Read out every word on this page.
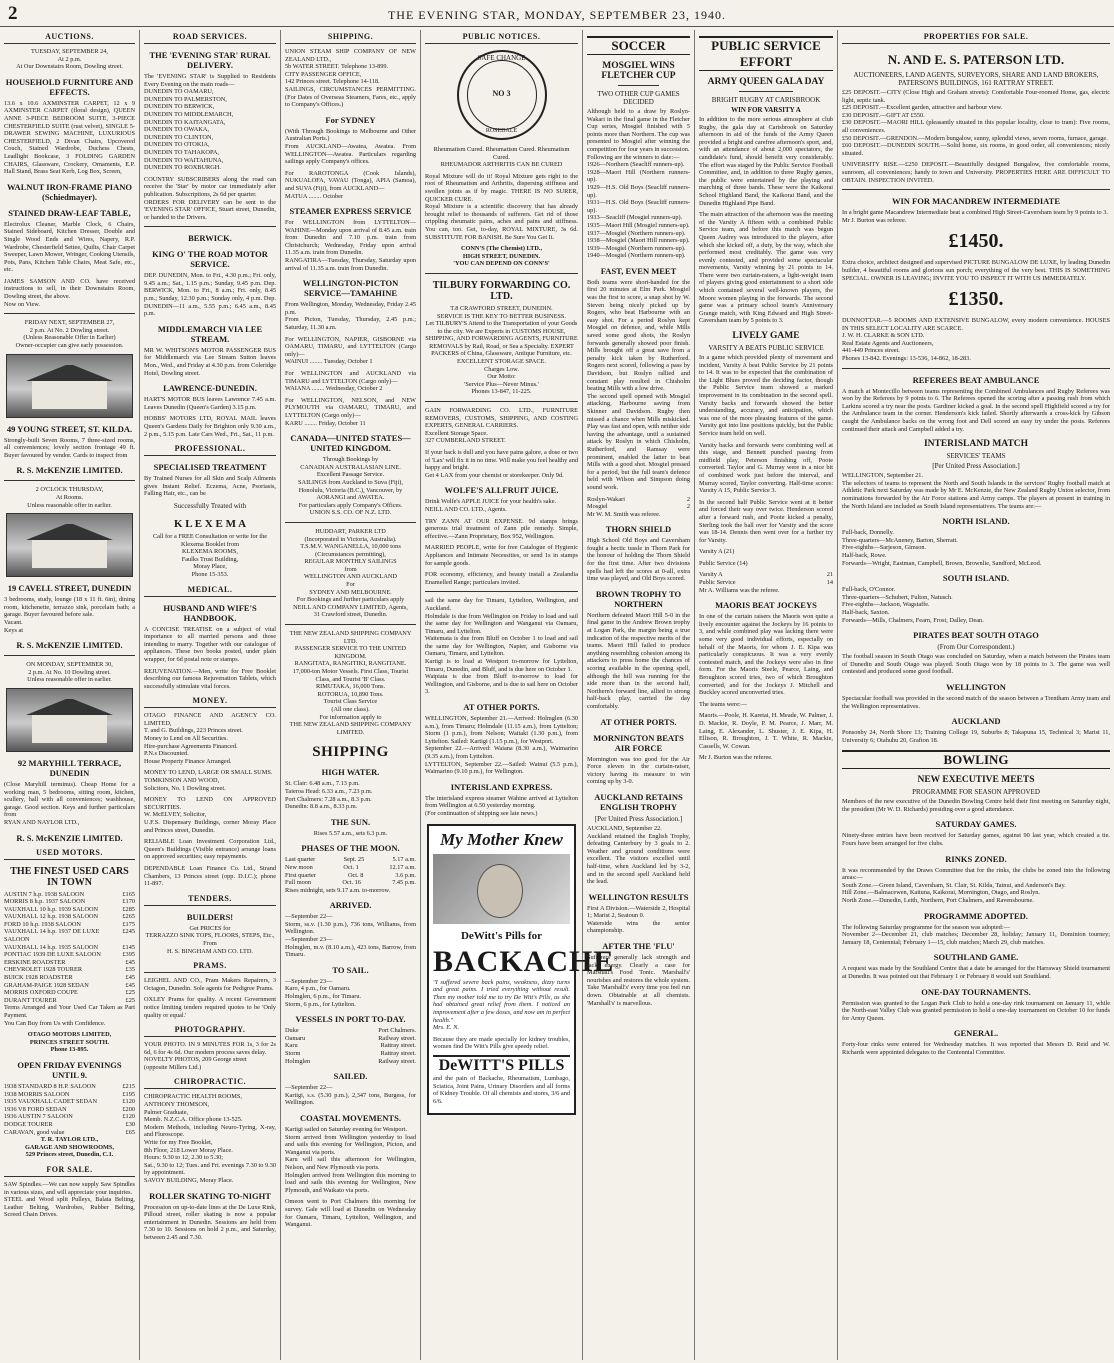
2	THE EVENING STAR, MONDAY, SEPTEMBER 23, 1940.
AUCTIONS.
TUESDAY, SEPTEMBER 24,
At 2 p.m.
At Our Downstairs Room, Dowling street.
HOUSEHOLD FURNITURE AND EFFECTS.
13.6 x 10.6 AXMINSTER CARPET, 12 x 9 AXMINSTER CARPET (floral design), QUEEN ANNE 3-PIECE BEDROOM SUITE, 3-PIECE CHESTERFIELD SUITE (rust velvet), SINGLE 5-DRAWER SEWING MACHINE, LUXURIOUS CHESTERFIELD, 2 Divan Chairs, Upcovered Couch, Stained Wardrobe, Duchess Chests, Leadlight Bookcase, 3 FOLDING GARDEN CHAIRS, Glassware, Crockery, Ornaments, E.P. Hall Stand, Brass Seat Kerb, Log Box, Screen,
WALNUT IRON-FRAME PIANO (Schiedmayer).
STAINED DRAW-LEAF TABLE,
Electrolux Cleaner, Marble Clock, 6 Chairs, Stained Sideboard, Kitchen Dresser, Double and Single Wood Ends and Wires, Napery, R.P. Wardrobe, Chesterfield Settee, Quilts, Chair Carpet Sweeper, Lawn Mower, Wringer, Cooking Utensils, Pots, Pans, Kitchen Table Chairs, Meat Safe, etc., etc.
JAMES SAMSON AND CO. have received instructions to sell, in their Downstairs Room, Dowling street, the above.
Now on View.
FRIDAY NEXT, SEPTEMBER 27,
2 p.m. At No. 2 Dowling street.
(Unless Reasonable Offer in Earlier)
Owner-occupier can give early possession.
49 YOUNG STREET, ST. KILDA.
Strongly-built Seven Rooms, 7 three-sized rooms, all conveniences; lovely section frontage 49 ft. Buyer favoured by vendor. Cards to inspect from
R. S. McKENZIE LIMITED.
2 O'CLOCK THURSDAY,
At Rooms.
Unless reasonable offer in earlier.
19 CAVELL STREET, DUNEDIN
3 bedrooms, study, lounge (18 x 11 ft. 6in), dining room, kitchenette, terrazzo sink, porcelain bath; a garage. Buyer favoured before sale.
Vacant.
Keys at
R. S. McKENZIE LIMITED.
ON MONDAY, SEPTEMBER 30,
2 p.m. At No. 10 Dowling street.
Unless reasonable offer in earlier.
92 MARYHILL TERRACE, DUNEDIN
(Close Maryhill terminus). Cheap Home for a working man, 5 bedrooms, sitting room, kitchen, scullery, hall with all conveniences; washhouse, garage. Good section. Keys and further particulars from
RYAN AND NAYLOR LTD.,
R. S. McKENZIE LIMITED.
USED MOTORS.
THE FINEST USED CARS IN TOWN
AUSTIN 7 h.p. 1938 SALOON	£165
MORRIS 8 h.p. 1937 SALOON	£170
VAUXHALL 10 h.p. 1939 SALOON	£285
VAUXHALL 12 h.p. 1938 SALOON	£265
FORD 10 h.p. 1938 SALOON	£175
VAUXHALL 14 h.p. 1937 DE LUXE SALOON
£245
VAUXHALL 14 h.p. 1935 SALOON	£145
PONTIAC 1939 DE LUXE SALOON	£395
ERSKINE ROADSTER	£45
CHEVROLET 1928 TOURER	£35
BUICK 1928 ROADSTER	£45
GRAHAM-PAIGE 1928 SEDAN	£45
MORRIS OXFORD COUPE	£25
DURANT TOURER	£25
Terms Arranged and Your Used Car Taken as Part Payment.
You Can Buy from Us with Confidence.
OTAGO MOTORS LIMITED,
PRINCES STREET SOUTH.
Phone 13-895.
OPEN FRIDAY EVENINGS UNTIL 9.
1938 STANDARD 8 H.P. SALOON	£215
1938 MORRIS SALOON	£195
1935 VAUXHALL CADET SEDAN	£120
1936 V8 FORD SEDAN	£200
1936 AUSTIN 7 SALOON	£120
DODGE TOURER	£30
CARAVAN, good value	£65
T. R. TAYLOR LTD.,
GARAGE AND SHOWROOMS,
529 Princes street, Dunedin, C.1.
FOR SALE.
SAW Spindles.—We can now supply Saw Spindles in various sizes, and will appreciate your inquiries.
STEEL and Wood split Pulleys, Balata Belting, Leather Belting, Wardrobes, Rubber Belting, Screed Chain Drives.
ROAD SERVICES.
THE 'EVENING STAR' RURAL DELIVERY.
The 'EVENING STAR' is Supplied to Residents Every Evening on the main roads—
DUNEDIN TO OAMARU,
DUNEDIN TO PALMERSTON,
DUNEDIN TO BERWICK,
DUNEDIN TO MIDDLEMARCH,
DUNEDIN TO KAITANGATA,
DUNEDIN TO OWAKA,
DUNEDIN TO CLINTON,
DUNEDIN TO OTOKIA,
DUNEDIN TO TAHAKOPA,
DUNEDIN TO WAITAHUNA,
DUNEDIN TO ROXBURGH.
COUNTRY SUBSCRIBERS along the road can receive the 'Star' by motor car immediately after publication. Subscriptions, 2s 6d per quarter.
ORDERS FOR DELIVERY can be sent to the 'EVENING STAR' OFFICE, Stuart street, Dunedin, or handed to the Drivers.
BERWICK.
KING O' THE ROAD MOTOR SERVICE.
DEP. DUNEDIN, Mon. to Fri., 4.30 p.m.; Fri. only, 9.45 a.m.; Sat., 1.15 p.m.; Sunday, 9.45 p.m. Dep. BERWICK, Mon. to Fri., 8 a.m.; Fri. only, 8.45 p.m.; Sunday, 12.30 p.m.; Sunday only, 4 p.m. Dep. DUNEDIN—11 a.m., 5.55 p.m.; 6.45 a.m., 8.45 p.m.
MIDDLEMARCH VIA LEE STREAM.
MR W. WHITSON'S MOTOR PASSENGER BUS for Middlemarch via Lee Stream Sutton leaves Mon., Wed., and Friday at 4.30 p.m. from Coleridge Hotel, Dowling street.
LAWRENCE-DUNEDIN.
HART'S MOTOR BUS leaves Lawrence 7.45 a.m. Leaves Dunedin (Queen's Garden) 3.15 p.m.
HOBBS' MOTORS LTD, ROYAL MAIL leaves Queen's Gardens Daily for Brighton only 9.30 a.m., 2 p.m., 5.15 p.m. Late Cars Wed., Fri., Sat., 11 p.m.
PROFESSIONAL.
SPECIALISED TREATMENT
By Trained Nurses for all Skin and Scalp Ailments gives Instant Relief. Eczema, Acne, Psoriasis, Falling Hair, etc., can be
Successfully Treated with
K L E X E M A
Call for a FREE Consultation or write for the Klexema Booklet from
KLEXEMA ROOMS,
Faulks Trust Building,
Moray Place,
Phone 15-353.
MEDICAL.
HUSBAND AND WIFE'S HANDBOOK.
A CONCISE TREATISE on a subject of vital importance to all married persons and those intending to marry. Together with our catalogue of appliances. These two books posted, under plain wrapper, for 6d postal note or stamps.
REJUVENATION.—Men, write for Free Booklet describing our famous Rejuvenation Tablets, which successfully stimulate vital forces.
MONEY.
OTAGO FINANCE AND AGENCY CO. LIMITED,
T. and G. Buildings, 223 Princes street.
Money to Lend on All Securities.
Hire-purchase Agreements Financed.
P.N.s Discounted.
House Property Finance Arranged.
MONEY TO LEND, LARGE OR SMALL SUMS.
TOMKINSON AND WOOD,
Solicitors, No. 1 Dowling street.
MONEY TO LEND ON APPROVED SECURITIES.
W. McELVEY, Solicitor,
U.F.S. Dispensary Buildings, corner Moray Place and Princes street, Dunedin.
RELIABLE Loan Investment Corporation Ltd., Queen's Buildings (Visible entrance) arrange loans on approved securities; easy repayments.
DEPENDABLE Loan Finance Co. Ltd., Strand Chambers, 13 Princes street (opp. D.I.C.); phone 11-897.
TENDERS.
BUILDERS!
Get PRICES for
TERRAZZO SINK TOPS, FLOORS, STEPS, Etc.,
From
H. S. BINGHAM AND CO. LTD.
PRAMS.
LEIGHEL AND CO., Pram Makers Repairers, 3 Octagon, Dunedin. Sole agents for Pedigree Prams.
OXLEY Prams for quality. A recent Government notice limiting tenders required quotes to be 'Only quality or equal.'
PHOTOGRAPHY.
YOUR PHOTO. IN 9 MINUTES FOR 1s, 3 for 2s 6d, 6 for 4s 6d. Our modern process saves delay.
NOVELTY PHOTOS, 209 George street
(opposite Millers Ltd.)
CHIROPRACTIC.
CHIROPRACTIC HEALTH ROOMS,
ANTHONY THOMSON,
Palmer Graduate,
Memb. N.Z.C.A. Office phone 13-525.
Modern Methods, including Neuro-Tyring, X-ray, and Fluroscope.
Write for my Free Booklet,
8th Floor, 218 Lower Moray Place.
Hours: 9.30 to 12, 2.30 to 5.30;
Sat., 9.30 to 12; Tues. and Fri. evenings 7.30 to 9.30 by appointment.
SAVOY BUILDING, Moray Place.
ROLLER SKATING TO-NIGHT
Procession on up-to-date lines at the De Luxe Rink, Pilloud street, roller skating is now a popular entertainment in Dunedin. Sessions are held from 7.30 to 10. Sessions on hold 2 p.m., and Saturday, between 2.45 and 7.30.
SHIPPING.
UNION STEAM SHIP COMPANY OF NEW ZEALAND LTD.,
5b WATER STREET. Telephone 13-899.
CITY PASSENGER OFFICE,
142 Princes street. Telephone 14-118.
SAILINGS, CIRCUMSTANCES PERMITTING. (For Dates of Overseas Steamers, Fares, etc., apply to Company's Offices.)
For SYDNEY
(With Through Bookings to Melbourne and Other Australian Ports.)
From AUCKLAND—Awatea, Awatea. From WELLINGTON—Awatea. Particulars regarding sailings apply Company's offices.
For RAROTONGA (Cook Islands), NUKUALOFA, VAVAU (Tonga), APIA (Samoa), and SUVA (Fiji), from AUCKLAND—
MATUA ........ October
STEAMER EXPRESS SERVICE
For WELLINGTON from LYTTELTON—WAHINE—Monday upon arrival of 8.45 a.m. train from Dunedin and 7.10 p.m. train from Christchurch; Wednesday, Friday upon arrival 11.35 a.m. train from Dunedin.
RANGATIRA—Tuesday, Thursday, Saturday upon arrival of 11.35 a.m. train from Dunedin.
WELLINGTON-PICTON SERVICE—TAMAHINE
From Wellington, Monday, Wednesday, Friday 2.45 p.m.
From Picton, Tuesday, Thursday, 2.45 p.m.; Saturday, 11.30 a.m.
For WELLINGTON, NAPIER, GISBORNE via OAMARU, TIMARU, and LYTTELTON (Cargo only)—
WAINUI ........ Tuesday, October 1
For WELLINGTON and AUCKLAND via TIMARU and LYTTELTON (Cargo only)—
WAIANA ........ Wednesday, October 2
For WELLINGTON, NELSON, and NEW PLYMOUTH via OAMARU, TIMARU, and LYTTELTON (Cargo only)—
KARU ........ Friday, October 11
CANADA—UNITED STATES—UNITED KINGDOM.
Through Bookings by
CANADIAN AUSTRALASIAN LINE.
Excellent Passage Service.
SAILINGS from Auckland to Suva (Fiji), Honolulu, Victoria (B.C.), Vancouver, by AORANGI and AWATEA.
For particulars apply Company's Offices.
UNION S.S. CO. OF N.Z. LTD.
HUDDART, PARKER LTD
(Incorporated in Victoria, Australia).
T.S.M.V. WANGANELLA, 10,000 tons
(Circumstances permitting),
REGULAR MONTHLY SAILINGS
from
WELLINGTON AND AUCKLAND
For
SYDNEY AND MELBOURNE.
For Bookings and further particulars apply
NEILL AND COMPANY LIMITED, Agents,
31 Crawford street, Dunedin.
THE NEW ZEALAND SHIPPING COMPANY LTD.
PASSENGER SERVICE TO THE UNITED KINGDOM.
RANGITATA, RANGITIKI, RANGITANE.
17,000-ton Motor Vessels. First Class, Tourist Class, and Tourist 'B' Class.
RIMUTAKA, 16,000 Tons.
ROTORUA, 10,890 Tons.
Tourist Class Service
(All one class).
For information apply to
THE NEW ZEALAND SHIPPING COMPANY LIMITED.
SHIPPING
HIGH WATER.
St. Clair: 6.48 a.m., 7.13 p.m.
Taieroa Head: 6.33 a.m., 7.23 p.m.
Port Chalmers: 7.28 a.m., 8.3 p.m.
Dunedin: 8.8 a.m., 8.33 p.m.
THE SUN.
Rises 5.57 a.m., sets 6.3 p.m.
PHASES OF THE MOON.
Last quarter	Sept. 25	5.17 a.m.
New moon	Oct. 1	12.17 a.m.
First quarter	Oct. 8	3.6 p.m.
Full moon	Oct. 16	7.45 p.m.
Rises midnight, sets 9.17 a.m. to-morrow.
ARRIVED.
—September 22—
Storm, ss.v. (1.30 p.m.), 736 tons, Williams, from Wellington.
—September 23—
Holmglen, m.v. (8.10 a.m.), 423 tons, Barrow, from Timaru.
TO SAIL.
—September 23—
Karo, 4 p.m., for Oamaru.
Holmglen, 6 p.m., for Timaru.
Storm, 6 p.m., for Lyttelton.
VESSELS IN PORT TO-DAY.
Duke	Port Chalmers.
Oamaru	Railway street.
Karu	Rattray street.
Storm	Rattray street.
Holmglen	Railway street.
SAILED.
—September 22—
Kartigi, s.s. (5.30 p.m.), 2,347 tons, Burgess, for Wellington.
COASTAL MOVEMENTS.
Kartigi sailed on Saturday evening for Westport.
Storm arrived from Wellington yesterday to load and sails this evening for Wellington, Picton, and Wanganui via ports.
Karu will sail this afternoon for Wellington, Nelson, and New Plymouth via ports.
Holmglen arrived from Wellington this morning to load and sails this evening for Wellington, New Plymouth, and Waikato via ports.
Omeon went to Port Chalmers this morning for survey. Gale will load at Dunedin on Wednesday for Oamaru, Timaru, Lyttelton, Wellington, and Wanganui.
PUBLIC NOTICES.
SAFE CHANGE
NO 3
ROSEDALE
Rheumatism Cured. Rheumatism Cured. Rheumatism Cured.
RHEUMADOR ARTHRITIS CAN BE CURED
Royal Mixture will do it! Royal Mixture gets right to the root of Rheumatism and Arthritis, dispersing stiffness and swollen joints as if by magic. THERE IS NO SURER, QUICKER CURE.
Royal Mixture is a scientific discovery that has already brought relief to thousands of sufferers. Get rid of those crippling rheumatic pains, aches and pains and stiffness. You can, too. Get, to-day, ROYAL MIXTURE, 3s 6d. SUBSTITUTE FOR BANISH. Be Sure You Get It.
CONN'S (The Chemist) LTD.,
HIGH STREET, DUNEDIN.
'YOU CAN DEPEND ON CONN'S'
TILBURY FORWARDING CO. LTD.
T.8 CRAWFORD STREET, DUNEDIN.
SERVICE IS THE KEY TO BETTER BUSINESS.
Let TILBURY'S Attend to the Transportation of your Goods to the city. We are Experts in CUSTOMS HOUSE, SHIPPING, AND FORWARDING AGENTS, FURNITURE REMOVALS by Rail, Road, or Sea a Specialty. EXPERT PACKERS of China, Glassware, Antique Furniture, etc.
EXCELLENT STORAGE SPACE.
Charges Low.
Our Motto:
'Service Plus—Never Minus.'
Phones 13-847, 11-225.
GAIN FORWARDING CO. LTD., FURNITURE REMOVERS, CUSTOMS, SHIPPING, AND COSTING EXPERTS, GENERAL CARRIERS.
Excellent Storage Space.
327 CUMBERLAND STREET.
If your back is dull and you have pains galore, a dose or two of 'Lax' will fix it in no time. Will make you feel healthy and happy and bright.
Get 4 LAX from your chemist or storekeeper. Only 9d.
WOLFE'S ALLFRUIT JUICE.
Drink Wolfe's APPLE JUICE for your health's sake.
NEILL AND CO. LTD., Agents.
TRY ZANN AT OUR EXPENSE. 9d stamps brings generous trial treatment of Zann pile remedy. Simple, effective.—Zann Proprietary, Box 952, Wellington.
MARRIED PEOPLE, write for free Catalogue of Hygienic Appliances and Intimate Necessities, or send 1s in stamps for sample goods.
FOR economy, efficiency, and beauty install a Zealandia Enamelled Range; particulars invited.
sail the same day for Timaru, Lyttelton, Wellington, and Auckland.
Holmdale is due from Wellington on Friday to load and sail the same day for Wellington and Wanganui via Oamaru, Timaru, and Lyttelton.
Waitemata is due from Bluff on October 1 to load and sail the same day for Wellington, Napier, and Gisborne via Oamaru, Timaru, and Lyttelton.
Kartigi is to load at Westport to-morrow for Lyttelton, Timaru, Dunedin, and Bluff, and is due here on October 1.
Waipiata is due from Bluff to-morrow to load for Wellington, and Gisborne, and is due to sail here on October 3.
AT OTHER PORTS.
WELLINGTON, September 21.—Arrived: Holmglen (6.30 a.m.), from Timaru; Holmdale (11.15 a.m.), from Lyttelton; Storm (1 p.m.), from Nelson; Waitaki (1.30 p.m.), from Lyttelton. Sailed: Kartigi (1.15 p.m.), for Westport.
September 22.—Arrived: Waiana (8.30 a.m.), Waimarino (9.35 a.m.), from Lyttelton.
LYTTELTON, September 22.—Sailed: Wainui (5.5 p.m.), Waimarino (9.10 p.m.), for Wellington.
INTERISLAND EXPRESS.
The interisland express steamer Wahine arrived at Lyttelton from Wellington at 6.50 yesterday morning.
(For continuation of shipping see late news.)
My Mother Knew
DeWitt's Pills for
BACKACHE
"I suffered severe back pains, weakness, dizzy turns and great pains. I tried everything without result. Then my mother told me to try De Witt's Pills, as she had obtained great relief from them. I noticed an improvement after a few doses, and now am in perfect health."
Mrs. E. N.
Because they are made specially for kidney troubles, women find De Witt's Pills give speedy relief.
DeWITT'S PILLS
and the pain of Backache, Rheumatism, Lumbago, Sciatica, Joint Pains, Urinary Disorders and all forms of Kidney Trouble. Of all chemists and stores, 3/6 and 6/6.
SOCCER
MOSGIEL WINS FLETCHER CUP
TWO OTHER CUP GAMES DECIDED
Although held to a draw by Roslyn-Wakari in the final game in the Fletcher Cup series, Mosgiel finished with 5 points more than Northern. The cup was presented to Mosgiel after winning the competition for four years in succession.
Following are the winners to date:—
1926—Northern (Seacliff runners-up).
1928—Maori Hill (Northern runners-up).
1929—H.S. Old Boys (Seacliff runners-up).
1931—H.S. Old Boys (Seacliff runners-up).
1933—Seacliff (Mosgiel runners-up).
1935—Maori Hill (Mosgiel runners-up).
1937—Mosgiel (Northern runners-up).
1938—Mosgiel (Maori Hill runners-up).
1939—Mosgiel (Northern runners-up).
1940—Mosgiel (Northern runners-up).
FAST, EVEN MEET
Both teams were short-handed for the first 20 minutes at Elm Park. Mosgiel was the first to score, a snap shot by W. Steven being nicely picked up by Rogers, who beat Harbourne with an easy shot. For a period Roslyn kept Mosgiel on defence, and, while Mills saved some good shots, the Roslyn forwards generally showed poor finish. Mills brought off a great save from a penalty kick taken by Rutherford. Rogers next scored, following a pass by Davidson, but Roslyn rallied and constant play resulted in Chisholm beating Mills with a low drive.
The second spell opened with Mosgiel attacking, Harbourne saving from Skinner and Davidson. Rugby then missed a chance when Mills miskicked. Play was fast and open, with neither side having the advantage, until a sustained attack by Roslyn in which Chisholm, Rutherford, and Ramsay were prominent, enabled the latter to beat Mills with a good shot. Mosgiel pressed for a period, but the full team's defence held with Wilson and Simpson doing sound work.
Roslyn-Wakari	2
Mosgiel	2
Mr W. M. Smith was referee.
THORN SHIELD
High School Old Boys and Caversham fought a hectic tussle in Thorn Park for the honour of holding the Thorn Shield for the first time. After two divisions spells had left the scores at 0-all, extra time was played, and Old Boys scored.
BROWN TROPHY TO NORTHERN
Northern defeated Maori Hill 5-0 in the final game in the Andrew Brown trophy at Logan Park, the margin being a true indication of the respective merits of the teams. Maori Hill failed to produce anything resembling cohesion among its attackers to press home the chances of scoring available in the opening spell, although the hill was running for the side more than in the second half, Northern's forward line, allied to strong half-back play, carried the day comfortably.
AT OTHER PORTS.
MORNINGTON BEATS AIR FORCE
Mornington was too good for the Air Force eleven in the curtain-raiser, victory having its measure to win coming up by 3-0.
AUCKLAND RETAINS ENGLISH TROPHY
[Per United Press Association.]
AUCKLAND, September 22.
Auckland retained the English Trophy, defeating Canterbury by 3 goals to 2. Weather and ground conditions were excellent. The visitors excelled until half-time, when Auckland led by 3-2, and in the second spell Auckland held the lead.
WELLINGTON RESULTS
First A Division.—Waterside 2, Hospital 1; Marist 2, Seatoun 0.
Waterside wins the senior championship.
AFTER THE 'FLU'
Sufferers generally lack strength and lack energy. Clearly a case for Marshall's Food Tonic. 'Marshall's' nourishes and restores the whole system. Take 'Marshall's' every time you feel run down. Obtainable at all chemists. 'Marshall's' is marvellous.
PUBLIC SERVICE EFFORT
ARMY QUEEN GALA DAY
BRIGHT RUGBY AT CARISBROOK
WIN FOR VARSITY A
In addition to the more serious atmosphere at club Rugby, the gala day at Carisbrook on Saturday afternoon in aid of the funds of the Army Queen provided a bright and carefree afternoon's sport, and, with an attendance of about 2,000 spectators, the candidate's fund, should benefit very considerably. The effort was staged by the Public Service Football Committee, and, in addition to three Rugby games, the public were entertained by the playing and marching of three bands. These were the Kaikorai School Highland Band, the Kaikorai Band, and the Dunedin Highland Pipe Band.
The main attraction of the afternoon was the meeting of the Varsity A fifteen with a combined Public Service team, and before this match was begun Queen Audrey was introduced to the players, after which she kicked off, a duty, by the way, which she performed most creditably. The game was very evenly contested, and provided some spectacular movements, Varsity winning by 21 points to 14. There were two curtain-raisers, a light-weight team of players giving good entertainment to a short side which contained several well-known players, the Moore women playing in the forwards. The second game was a primary school team's Anniversary Grange match, with King Edward and High Street-Caversham team by 5 points to 3.
LIVELY GAME
VARSITY A BEATS PUBLIC SERVICE
In a game which provided plenty of movement and incident, Varsity A beat Public Service by 21 points to 14. It was to be expected that the combination of the Light Blues proved the deciding factor, though the Public Service team showed a marked improvement in its combination in the second spell. Varsity backs and forwards showed the better understanding, accuracy, and anticipation, which was one of the more pleasing features of the game. Varsity got into line positions quickly, but the Public Service team held on well.
Varsity backs and forwards were combining well at this stage, and Bennett punched passing from midfield play, Peterson finishing off, Poote converted. Taylor and G. Murray were in a nice bit of combined work just before the interval, and Murray scored, Taylor converting. Half-time scores: Varsity A 15, Public Service 3.
In the second half Public Service went at it better and forced their way over twice. Henderson scored after a forward rush, and Poote kicked a penalty, Sterling took the ball over for Varsity and the score was 18-14. Dennis then went over for a further try for Varsity.
Varsity A (21)
Public Service (14)
Varsity A	21
Public Service	14
Mr A. Williams was the referee.
MAORIS BEAT JOCKEYS
In one of the curtain raisers the Maoris won quite a lively encounter against the Jockeys by 16 points to 3, and while combined play was lacking there were some very good individual efforts, especially on behalf of the Maoris, for whom J. E. Kipa was particularly conspicuous. It was a very evenly contested match, and the Jockeys were also in fine form. For the Maoris Steele, Pearce, Laing, and Broughton scored tries, two of which Broughton converted, and for the Jockeys J. Mitchell and Buckley scored unconverted tries.
The teams were:—
Maoris.—Poole, H. Karetai, H. Meade, W. Palmer, J. D. Mackie, R. Doyle, P. M. Pearce, J. Marr, M. Laing, E. Alexander, L. Shuster, J. E. Kipa, H. Ellison, R. Broughton, J. T. White, R. Mackie, Cassells, W. Cowan.
Mr J. Burton was the referee.
PROPERTIES FOR SALE.
N. AND E. S. PATERSON LTD.
AUCTIONEERS, LAND AGENTS, SURVEYORS, SHARE AND LAND BROKERS, PATERSON'S BUILDINGS, 161 RATTRAY STREET.
£25 DEPOSIT.—CITY (Close High and Graham streets): Comfortable Four-roomed Home, gas, electric light, septic tank.
£25 DEPOSIT.—Excellent garden, attractive and harbour view.
£30 DEPOSIT.—GIFT AT £550.
£30 DEPOSIT.—MAORI HILL (pleasantly situated in this popular locality, close to tram): Five rooms, all conveniences.
£50 DEPOSIT.—GRENDON.—Modern bungalow, sunny, splendid views, seven rooms, furnace, garage.
£60 DEPOSIT.—DUNEDIN SOUTH.—Solid home, six rooms, in good order, all conveniences; nicely situated.
UNIVERSITY RISE.—£250 DEPOSIT.—Beautifully designed Bungalow, five comfortable rooms, sunroom, all conveniences; handy to town and University. PROPERTIES HERE ARE DIFFICULT TO OBTAIN. INSPECTION INVITED.
WIN FOR MACANDREW INTERMEDIATE
In a bright game Macandrew Intermediate beat a combined High Street-Caversham team by 9 points to 3.
Mr J. Burton was referee.
£1450.
Extra choice, architect designed and supervised PICTURE BUNGALOW DE LUXE, by leading Dunedin builder, 4 beautiful rooms and glorious sun porch; everything of the very best. THIS IS SOMETHING SPECIAL. OWNER IS LEAVING; INVITE YOU TO INSPECT IT WITH US IMMEDIATELY.
£1350.
DUNNOTTAR.—5 ROOMS AND EXTENSIVE BUNGALOW, every modern convenience. HOUSES IN THIS SELECT LOCALITY ARE SCARCE.
J. W. H. CLARKE & SON LTD.
Real Estate Agents and Auctioneers,
441-449 Princes street.
Phones 13-842. Evenings: 13-536, 14-862, 18-283.
REFEREES BEAT AMBULANCE
A match at Montecillo between teams representing the Combined Ambulances and Rugby Referees was won by the Referees by 9 points to 6. The Referees opened the scoring after a passing rush from which Larkins scored a try near the posts. Gardiner kicked a goal. In the second spell Highfield scored a try for the Ambulance team in the corner. Henderson's kick failed. Shortly afterwards a cross-kick by Gibson caught the Ambulance backs on the wrong foot and Dell scored an easy try under the posts. Referees continued their attack and Campbell added a try.
INTERISLAND MATCH
SERVICES' TEAMS
[Per United Press Association.]
WELLINGTON, September 21.
The selectors of teams to represent the North and South Islands in the services' Rugby football match at Athletic Park next Saturday was made by Mr E. McKenzie, the New Zealand Rugby Union selector, from nominations forwarded by the Air Force stations and Army camps. The players at present in training in the North Island are included as South Island representatives. The teams are:—
NORTH ISLAND.
Full-back, Donnelly.
Three-quarters—McAneney, Barton, Sherratt.
Five-eighths—Sarjeson, Gimson.
Half-back, Rowe.
Forwards—Wright, Eastman, Campbell, Brown, Brownlie, Sandford, McLeod.
SOUTH ISLAND.
Full-back, O'Connor.
Three-quarters—Schubert, Fulton, Natusch.
Five-eighths—Jackson, Wagstaffe.
Half-back, Saxton.
Forwards—Mills, Chalmers, Fearn, Frost, Dalley, Dean.
PIRATES BEAT SOUTH OTAGO
(From Our Correspondent.)
The football season in South Otago was concluded on Saturday, when a match between the Pirates team of Dunedin and South Otago was played. South Otago won by 18 points to 3. The game was well contested and produced some good football.
WELLINGTON
Spectacular football was provided in the second match of the season between a Trentham Army team and the Wellington representatives.
AUCKLAND
Ponsonby 24, North Shore 13; Training College 19, Suburbs 8; Takapuna 15, Technical 3; Marist 11, University 6; Otahuhu 20, Grafton 18.
BOWLING
NEW EXECUTIVE MEETS
PROGRAMME FOR SEASON APPROVED
Members of the new executive of the Dunedin Bowling Centre held their first meeting on Saturday night, the president (Mr W. D. Richards) presiding over a good attendance.
SATURDAY GAMES.
Ninety-three entries have been received for Saturday games, against 90 last year, which created a tie. Fours have been arranged for five clubs.
RINKS ZONED.
It was recommended by the Draws Committee that for the rinks, the clubs be zoned into the following areas:—
South Zone.—Green Island, Caversham, St. Clair, St. Kilda, Tainui, and Anderson's Bay.
Hill Zone.—Balmacewen, Kaituna, Kaikorai, Mornington, Otago, and Roslyn.
North Zone.—Dunedin, Leith, Northern, Port Chalmers, and Ravensbourne.
PROGRAMME ADOPTED.
The following Saturday programme for the season was adopted:—
November 2—December 21, club matches; December 28, holiday; January 11, Dominion tourney; January 18, Centennial; February 1—15, club matches; March 29, club matches.
SOUTHLAND GAME.
A request was made by the Southland Centre that a date be arranged for the Harraway Shield tournament at Dunedin. It was pointed out that February 1 or February 8 would suit Southland.
ONE-DAY TOURNAMENTS.
Permission was granted to the Logan Park Club to hold a one-day rink tournament on January 11, while the North-east Valley Club was granted permission to hold a one-day tournament on October 10 for funds for Army Queen.
GENERAL.
Forty-four rinks were entered for Wednesday matches. It was reported that Messrs D. Reid and W. Richards were appointed delegates to the Centennial Committee.
